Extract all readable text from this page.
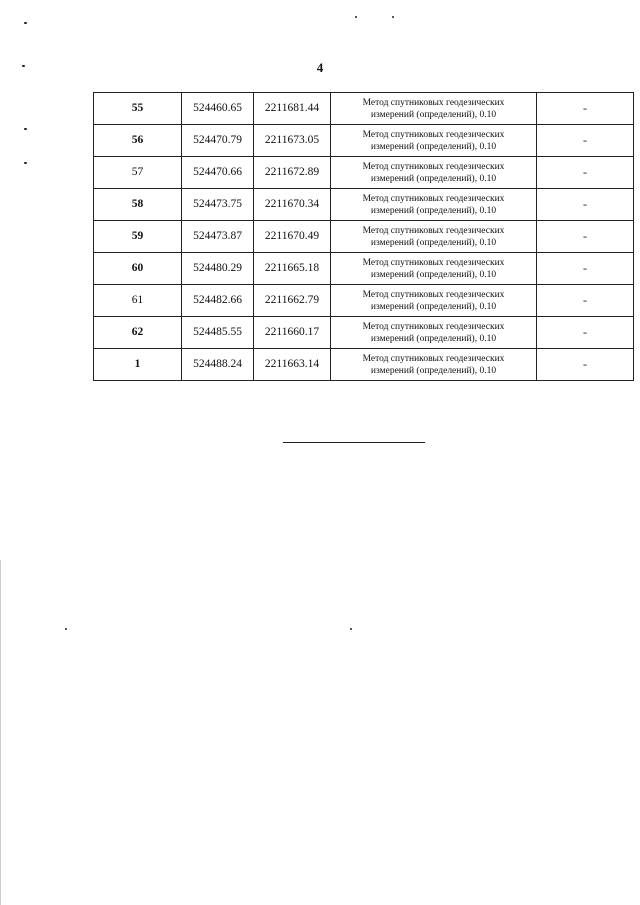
4
55	524460.65	2211681.44	Метод спутниковых геодезических
измерений (определений), 0.10	-
56	524470.79	2211673.05	Метод спутниковых геодезических
измерений (определений), 0.10	-
57	524470.66	2211672.89	Метод спутниковых геодезических
измерений (определений), 0.10	-
58	524473.75	2211670.34	Метод спутниковых геодезических
измерений (определений), 0.10	-
59	524473.87	2211670.49	Метод спутниковых геодезических
измерений (определений), 0.10	-
60	524480.29	2211665.18	Метод спутниковых геодезических
измерений (определений), 0.10	-
61	524482.66	2211662.79	Метод спутниковых геодезических
измерений (определений), 0.10	-
62	524485.55	2211660.17	Метод спутниковых геодезических
измерений (определений), 0.10	-
1	524488.24	2211663.14	Метод спутниковых геодезических
измерений (определений), 0.10	-
